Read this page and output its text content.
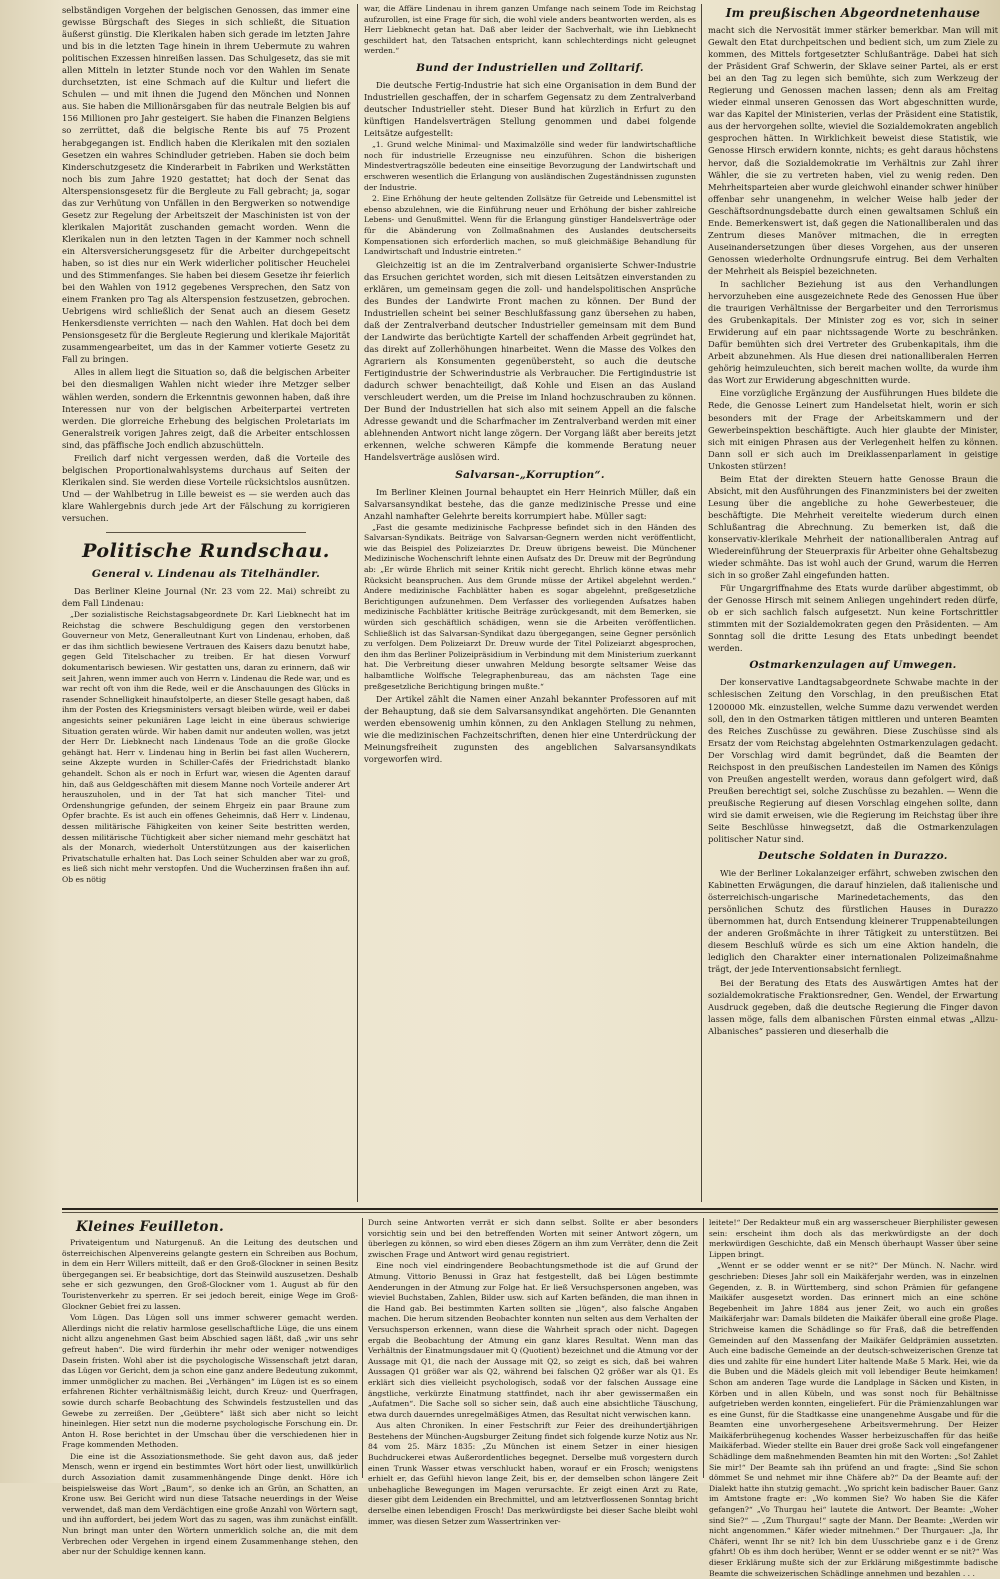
selbständigen Vorgehen der belgischen Genossen, das immer eine gewisse Bürgschaft des Sieges in sich schließt, die Situation äußerst günstig. Die Klerikalen haben sich gerade im letzten Jahre und bis in die letzten Tage hinein in ihrem Uebermute zu wahren politischen Exzessen hinreißen lassen. Das Schulgesetz, das sie mit allen Mitteln in letzter Stunde noch vor den Wahlen im Senate durchsetzten, ist eine Schmach auf die Kultur und liefert die Schulen — und mit ihnen die Jugend den Mönchen und Nonnen aus. Sie haben die Millionärsgaben für das neutrale Belgien bis auf 156 Millionen pro Jahr gesteigert. Sie haben die Finanzen Belgiens so zerrüttet, daß die belgische Rente bis auf 75 Prozent herabgegangen ist. Endlich haben die Klerikalen mit den sozialen Gesetzen ein wahres Schindluder getrieben. Haben sie doch beim Kinderschutzgesetz die Kinderarbeit in Fabriken und Werkstätten noch bis zum Jahre 1920 gestattet; hat doch der Senat das Alterspensionsgesetz für die Bergleute zu Fall gebracht; ja, sogar das zur Verhütung von Unfällen in den Bergwerken so notwendige Gesetz zur Regelung der Arbeitszeit der Maschinisten ist von der klerikalen Majorität zuschanden gemacht worden. Wenn die Klerikalen nun in den letzten Tagen in der Kammer noch schnell ein Altersversicherungsgesetz für die Arbeiter durchgepeitscht haben, so ist dies nur ein Werk widerlicher politischer Heuchelei und des Stimmenfanges. Sie haben bei diesem Gesetze ihr feierlich bei den Wahlen von 1912 gegebenes Versprechen, den Satz von einem Franken pro Tag als Alterspension festzusetzen, gebrochen. Uebrigens wird schließlich der Senat auch an diesem Gesetz Henkersdienste verrichten — nach den Wahlen. Hat doch bei dem Pensionsgesetz für die Bergleute Regierung und klerikale Majorität zusammengearbeitet, um das in der Kammer votierte Gesetz zu Fall zu bringen.

Alles in allem liegt die Situation so, daß die belgischen Arbeiter bei den diesmaligen Wahlen nicht wieder ihre Metzger selber wählen werden, sondern die Erkenntnis gewonnen haben, daß ihre Interessen nur von der belgischen Arbeiterpartei vertreten werden. Die glorreiche Erhebung des belgischen Proletariats im Generalstreik vorigen Jahres zeigt, daß die Arbeiter entschlossen sind, das pfäffische Joch endlich abzuschütteln.

Freilich darf nicht vergessen werden, daß die Vorteile des belgischen Proportionalwahlsystems durchaus auf Seiten der Klerikalen sind. Sie werden diese Vorteile rücksichtslos ausnützen. Und — der Wahlbetrug in Lille beweist es — sie werden auch das klare Wahlergebnis durch jede Art der Fälschung zu korrigieren versuchen.

Politische Rundschau.
General v. Lindenau als Titelhändler.

Das Berliner Kleine Journal (Nr. 23 vom 22. Mai) schreibt zu dem Fall Lindenau:

„Der sozialistische Reichstagsabgeordnete Dr. Karl Liebknecht hat im Reichstag die schwere Beschuldigung gegen den verstorbenen Gouverneur von Metz, Generalleutnant Kurt von Lindenau, erhoben, daß er das ihm sichtlich bewiesene Vertrauen des Kaisers dazu benutzt habe, gegen Geld Titelschacher zu treiben. Er hat diesen Vorwurf dokumentarisch bewiesen. Wir gestatten uns, daran zu erinnern, daß wir seit Jahren, wenn immer auch von Herrn v. Lindenau die Rede war, und es war recht oft von ihm die Rede, weil er die Anschauungen des Glücks in rasender Schnelligkeit hinaufstolperte, an dieser Stelle gesagt haben, daß ihm der Posten des Kriegsministers versagt bleiben würde, weil er dabei angesichts seiner pekuniären Lage leicht in eine überaus schwierige Situation geraten würde. Wir haben damit nur andeuten wollen, was jetzt der Herr Dr. Liebknecht nach Lindenaus Tode an die große Glocke gehängt hat. Herr v. Lindenau hing in Berlin bei fast allen Wucherern, seine Akzepte wurden in Schiller-Cafés der Friedrichstadt blanko gehandelt. Schon als er noch in Erfurt war, wiesen die Agenten darauf hin, daß aus Geldgeschäften mit diesem Manne noch Vorteile anderer Art herauszuholen, und in der Tat hat sich mancher Titel- und Ordenshungrige gefunden, der seinem Ehrgeiz ein paar Braune zum Opfer brachte. Es ist auch ein offenes Geheimnis, daß Herr v. Lindenau, dessen militärische Fähigkeiten von keiner Seite bestritten werden, dessen militärische Tüchtigkeit aber sicher niemand mehr geschätzt hat als der Monarch, wiederholt Unterstützungen aus der kaiserlichen Privatschatulle erhalten hat. Das Loch seiner Schulden aber war zu groß, es ließ sich nicht mehr verstopfen. Und die Wucherzinsen fraßen ihn auf. Ob es nötig

war, die Affäre Lindenau in ihrem ganzen Umfange nach seinem Tode im Reichstag aufzurollen, ist eine Frage für sich, die wohl viele anders beantworten werden, als es Herr Liebknecht getan hat. Daß aber leider der Sachverhalt, wie ihn Liebknecht geschildert hat, den Tatsachen entspricht, kann schlechterdings nicht geleugnet werden.“

Bund der Industriellen und Zolltarif.

Die deutsche Fertig-Industrie hat sich eine Organisation in dem Bund der Industriellen geschaffen, der in scharfem Gegensatz zu dem Zentralverband deutscher Industrieller steht. Dieser Bund hat kürzlich in Erfurt zu den künftigen Handelsverträgen Stellung genommen und dabei folgende Leitsätze aufgestellt:

„1. Grund welche Minimal- und Maximalzölle sind weder für landwirtschaftliche noch für industrielle Erzeugnisse neu einzuführen. Schon die bisherigen Mindestvertragszölle bedeuten eine einseitige Bevorzugung der Landwirtschaft und erschweren wesentlich die Erlangung von ausländischen Zugeständnissen zugunsten der Industrie.

2. Eine Erhöhung der heute geltenden Zollsätze für Getreide und Lebensmittel ist ebenso abzulehnen, wie die Einführung neuer und Erhöhung der bisher zahlreiche Lebens- und Genußmittel. Wenn für die Erlangung günstiger Handelsverträge oder für die Abänderung von Zollmaßnahmen des Auslandes deutscherseits Kompensationen sich erforderlich machen, so muß gleichmäßige Behandlung für Landwirtschaft und Industrie eintreten.“

Gleichzeitig ist an die im Zentralverband organisierte Schwer-Industrie das Ersuchen gerichtet worden, sich mit diesen Leitsätzen einverstanden zu erklären, um gemeinsam gegen die zoll- und handelspolitischen Ansprüche des Bundes der Landwirte Front machen zu können. Der Bund der Industriellen scheint bei seiner Beschlußfassung ganz übersehen zu haben, daß der Zentralverband deutscher Industrieller gemeinsam mit dem Bund der Landwirte das berüchtigte Kartell der schaffenden Arbeit gegründet hat, das direkt auf Zollerhöhungen hinarbeitet. Wenn die Masse des Volkes den Agrariern als Konsumenten gegenübersteht, so auch die deutsche Fertigindustrie der Schwerindustrie als Verbraucher. Die Fertigindustrie ist dadurch schwer benachteiligt, daß Kohle und Eisen an das Ausland verschleudert werden, um die Preise im Inland hochzuschrauben zu können. Der Bund der Industriellen hat sich also mit seinem Appell an die falsche Adresse gewandt und die Scharfmacher im Zentralverband werden mit einer ablehnenden Antwort nicht lange zögern. Der Vorgang läßt aber bereits jetzt erkennen, welche schweren Kämpfe die kommende Beratung neuer Handelsverträge auslösen wird.

Salvarsan-„Korruption“.

Im Berliner Kleinen Journal behauptet ein Herr Heinrich Müller, daß ein Salvarsansyndikat bestehe, das die ganze medizinische Presse und eine Anzahl namhafter Gelehrte bereits korrumpiert habe. Müller sagt:

„Fast die gesamte medizinische Fachpresse befindet sich in den Händen des Salvarsan-Syndikats. Beiträge von Salvarsan-Gegnern werden nicht veröffentlicht, wie das Beispiel des Polizeiarztes Dr. Dreuw übrigens beweist. Die Münchener Medizinische Wochenschrift lehnte einen Aufsatz des Dr. Dreuw mit der Begründung ab: „Er würde Ehrlich mit seiner Kritik nicht gerecht. Ehrlich könne etwas mehr Rücksicht beanspruchen. Aus dem Grunde müsse der Artikel abgelehnt werden.“ Andere medizinische Fachblätter haben es sogar abgelehnt, preßgesetzliche Berichtigungen aufzunehmen. Dem Verfasser des vorliegenden Aufsatzes haben medizinische Fachblätter kritische Beiträge zurückgesandt, mit dem Bemerken, sie würden sich geschäftlich schädigen, wenn sie die Arbeiten veröffentlichen. Schließlich ist das Salvarsan-Syndikat dazu übergegangen, seine Gegner persönlich zu verfolgen. Dem Polizeiarzt Dr. Dreuw wurde der Titel Polizeiarzt abgesprochen, den ihm das Berliner Polizeipräsidium in Verbindung mit dem Ministerium zuerkannt hat. Die Verbreitung dieser unwahren Meldung besorgte seltsamer Weise das halbamtliche Wolffsche Telegraphenbureau, das am nächsten Tage eine preßgesetzliche Berichtigung bringen mußte.“

Der Artikel zählt die Namen einer Anzahl bekannter Professoren auf mit der Behauptung, daß sie dem Salvarsansyndikat angehörten. Die Genannten werden ebensowenig umhin können, zu den Anklagen Stellung zu nehmen, wie die medizinischen Fachzeitschriften, denen hier eine Unterdrückung der Meinungsfreiheit zugunsten des angeblichen Salvarsansyndikats vorgeworfen wird.

Im preußischen Abgeordnetenhause

macht sich die Nervosität immer stärker bemerkbar. Man will mit Gewalt den Etat durchpeitschen und bedient sich, um zum Ziele zu kommen, des Mittels fortgesetzter Schlußanträge. Dabei hat sich der Präsident Graf Schwerin, der Sklave seiner Partei, als er erst bei an den Tag zu legen sich bemühte, sich zum Werkzeug der Regierung und Genossen machen lassen; denn als am Freitag wieder einmal unseren Genossen das Wort abgeschnitten wurde, war das Kapitel der Ministerien, verlas der Präsident eine Statistik, aus der hervorgehen sollte, wieviel die Sozialdemokraten angeblich gesprochen hätten. In Wirklichkeit beweist diese Statistik, wie Genosse Hirsch erwidern konnte, nichts; es geht daraus höchstens hervor, daß die Sozialdemokratie im Verhältnis zur Zahl ihrer Wähler, die sie zu vertreten haben, viel zu wenig reden. Den Mehrheitsparteien aber wurde gleichwohl einander schwer hinüber offenbar sehr unangenehm, in welcher Weise halb jeder der Geschäftsordnungsdebatte durch einen gewaltsamen Schluß ein Ende. Bemerkenswert ist, daß gegen die Nationalliberalen und das Zentrum dieses Manöver mitmachen, die in erregten Auseinandersetzungen über dieses Vorgehen, aus der unseren Genossen wiederholte Ordnungsrufe eintrug. Bei dem Verhalten der Mehrheit als Beispiel bezeichneten.

In sachlicher Beziehung ist aus den Verhandlungen hervorzuheben eine ausgezeichnete Rede des Genossen Hue über die traurigen Verhältnisse der Bergarbeiter und den Terrorismus des Grubenkapitals. Der Minister zog es vor, sich in seiner Erwiderung auf ein paar nichtssagende Worte zu beschränken. Dafür bemühten sich drei Vertreter des Grubenkapitals, ihm die Arbeit abzunehmen. Als Hue diesen drei nationalliberalen Herren gehörig heimzuleuchten, sich bereit machen wollte, da wurde ihm das Wort zur Erwiderung abgeschnitten wurde.

Eine vorzügliche Ergänzung der Ausführungen Hues bildete die Rede, die Genosse Leinert zum Handelsetat hielt, worin er sich besonders mit der Frage der Arbeitskammern und der Gewerbeinspektion beschäftigte. Auch hier glaubte der Minister, sich mit einigen Phrasen aus der Verlegenheit helfen zu können. Dann soll er sich auch im Dreiklassenparlament in geistige Unkosten stürzen!

Beim Etat der direkten Steuern hatte Genosse Braun die Absicht, mit den Ausführungen des Finanzministers bei der zweiten Lesung über die angebliche zu hohe Gewerbesteuer, die beschäftigte. Die Mehrheit vereitelte wiederum durch einen Schlußantrag die Abrechnung. Zu bemerken ist, daß die konservativ-klerikale Mehrheit der nationalliberalen Antrag auf Wiedereinführung der Steuerpraxis für Arbeiter ohne Gehaltsbezug wieder schmähte. Das ist wohl auch der Grund, warum die Herren sich in so großer Zahl eingefunden hatten.

Für Ungargriffnahme des Etats wurde darüber abgestimmt, ob der Genosse Hirsch mit seinem Anliegen ungehindert reden dürfe, ob er sich sachlich falsch aufgesetzt. Nun keine Fortschrittler stimmten mit der Sozialdemokraten gegen den Präsidenten. — Am Sonntag soll die dritte Lesung des Etats unbedingt beendet werden.

Ostmarkenzulagen auf Umwegen.

Der konservative Landtagsabgeordnete Schwabe machte in der schlesischen Zeitung den Vorschlag, in den preußischen Etat 1200000 Mk. einzustellen, welche Summe dazu verwendet werden soll, den in den Ostmarken tätigen mittleren und unteren Beamten des Reiches Zuschüsse zu gewähren. Diese Zuschüsse sind als Ersatz der vom Reichstag abgelehnten Ostmarkenzulagen gedacht. Der Vorschlag wird damit begründet, daß die Beamten der Reichspost in den preußischen Landesteilen im Namen des Königs von Preußen angestellt werden, woraus dann gefolgert wird, daß Preußen berechtigt sei, solche Zuschüsse zu bezahlen. — Wenn die preußische Regierung auf diesen Vorschlag eingehen sollte, dann wird sie damit erweisen, wie die Regierung im Reichstag über ihre Seite Beschlüsse hinwegsetzt, daß die Ostmarkenzulagen politischer Natur sind.

Deutsche Soldaten in Durazzo.

Wie der Berliner Lokalanzeiger erfährt, schweben zwischen den Kabinetten Erwägungen, die darauf hinzielen, daß italienische und österreichisch-ungarische Marinedetachements, das den persönlichen Schutz des fürstlichen Hauses in Durazzo übernommen hat, durch Entsendung kleinerer Truppenabteilungen der anderen Großmächte in ihrer Tätigkeit zu unterstützen. Bei diesem Beschluß würde es sich um eine Aktion handeln, die lediglich den Charakter einer internationalen Polizeimaßnahme trägt, der jede Interventionsabsicht fernliegt.

Bei der Beratung des Etats des Auswärtigen Amtes hat der sozialdemokratische Fraktionsredner, Gen. Wendel, der Erwartung Ausdruck gegeben, daß die deutsche Regierung die Finger davon lassen möge, falls dem albanischen Fürsten einmal etwas „Allzu-Albanisches“ passieren und dieserhalb die

Kleines Feuilleton.

Privateigentum und Naturgenuß. An die Leitung des deutschen und österreichischen Alpenvereins gelangte gestern ein Schreiben aus Bochum, in dem ein Herr Willers mitteilt, daß er den Groß-Glockner in seinen Besitz übergegangen sei. Er beabsichtige, dort das Steinwild auszusetzen. Deshalb sehe er sich gezwungen, den Groß-Glockner vom 1. August ab für den Touristenverkehr zu sperren. Er sei jedoch bereit, einige Wege im Groß-Glockner Gebiet frei zu lassen.

Vom Lügen. Das Lügen soll uns immer schwerer gemacht werden. Allerdings nicht die relativ harmlose gesellschaftliche Lüge, die uns einem nicht allzu angenehmen Gast beim Abschied sagen läßt, daß „wir uns sehr gefreut haben“. Die wird fürderhin ihr mehr oder weniger notwendiges Dasein fristen. Wohl aber ist die psychologische Wissenschaft jetzt daran, das Lügen vor Gericht, dem ja schon eine ganz andere Bedeutung zukommt, immer unmöglicher zu machen. Bei „Verhängen“ im Lügen ist es so einem erfahrenen Richter verhältnismäßig leicht, durch Kreuz- und Querfragen, sowie durch scharfe Beobachtung des Schwindels festzustellen und das Gewebe zu zerreißen. Der „Geübtere“ läßt sich aber nicht so leicht hineinlegen. Hier setzt nun die moderne psychologische Forschung ein. Dr. Anton H. Rose berichtet in der Umschau über die verschiedenen hier in Frage kommenden Methoden.

Die eine ist die Assoziationsmethode. Sie geht davon aus, daß jeder Mensch, wenn er irgend ein bestimmtes Wort hört oder liest, unwillkürlich durch Assoziation damit zusammenhängende Dinge denkt. Höre ich beispielsweise das Wort „Baum“, so denke ich an Grün, an Schatten, an Krone usw. Bei Gericht wird nun diese Tatsache neuerdings in der Weise verwendet, daß man dem Verdächtigen eine große Anzahl von Wörtern sagt, und ihn auffordert, bei jedem Wort das zu sagen, was ihm zunächst einfällt. Nun bringt man unter den Wörtern unmerklich solche an, die mit dem Verbrechen oder Vergehen in irgend einem Zusammenhange stehen, den aber nur der Schuldige kennen kann.

Durch seine Antworten verrät er sich dann selbst. Sollte er aber besonders vorsichtig sein und bei den betreffenden Worten mit seiner Antwort zögern, um überlegen zu können, so wird eben dieses Zögern an ihm zum Verräter, denn die Zeit zwischen Frage und Antwort wird genau registriert.

Eine noch viel eindringendere Beobachtungsmethode ist die auf Grund der Atmung. Vittorio Benussi in Graz hat festgestellt, daß bei Lügen bestimmte Aenderungen in der Atmung zur Folge hat. Er ließ Versuchspersonen angeben, was wieviel Buchstaben, Zahlen, Bilder usw. sich auf Karten befänden, die man ihnen in die Hand gab. Bei bestimmten Karten sollten sie „lügen“, also falsche Angaben machen. Die herum sitzenden Beobachter konnten nun selten aus dem Verhalten der Versuchsperson erkennen, wann diese die Wahrheit sprach oder nicht. Dagegen ergab die Beobachtung der Atmung ein ganz klares Resultat. Wenn man das Verhältnis der Einatmungsdauer mit Q (Quotient) bezeichnet und die Atmung vor der Aussage mit Q1, die nach der Aussage mit Q2, so zeigt es sich, daß bei wahren Aussagen Q1 größer war als Q2, während bei falschen Q2 größer war als Q1. Es erklärt sich dies vielleicht psychologisch, sodaß vor der falschen Aussage eine ängstliche, verkürzte Einatmung stattfindet, nach ihr aber gewissermaßen ein „Aufatmen“. Die Sache soll so sicher sein, daß auch eine absichtliche Täuschung, etwa durch dauerndes unregelmäßiges Atmen, das Resultat nicht verwischen kann.

Aus alten Chroniken. In einer Festschrift zur Feier des dreihundertjährigen Bestehens der München-Augsburger Zeitung findet sich folgende kurze Notiz aus Nr. 84 vom 25. März 1835: „Zu München ist einem Setzer in einer hiesigen Buchdruckerei etwas Außerordentliches begegnet. Derselbe muß vorgestern durch einen Trunk Wasser etwas verschluckt haben, worauf er ein Frosch; wenigstens erhielt er, das Gefühl hievon lange Zeit, bis er, der demselben schon längere Zeit unbehagliche Bewegungen im Magen verursachte. Er zeigt einen Arzt zu Rate, dieser gibt dem Leidenden ein Brechmittel, und am letztverflossenen Sonntag bricht derselbe einen lebendigen Frosch! Das merkwürdigste bei dieser Sache bleibt wohl immer, was diesen Setzer zum Wassertrinken ver-

leitete!“ Der Redakteur muß ein arg wasserscheuer Bierphilister gewesen sein: erscheint ihm doch als das merkwürdigste an der doch merkwürdigen Geschichte, daß ein Mensch überhaupt Wasser über seine Lippen bringt.

„Wennt er se odder wennt er se nit?“ Der Münch. N. Nachr. wird geschrieben: Dieses Jahr soll ein Maikäferjahr werden, was in einzelnen Gegenden, z. B. in Württemberg, sind schon Prämien für gefangene Maikäfer ausgesetzt worden. Das erinnert mich an eine schöne Begebenheit im Jahre 1884 aus jener Zeit, wo auch ein großes Maikäferjahr war: Damals bildeten die Maikäfer überall eine große Plage. Strichweise kamen die Schädlinge so für Fraß, daß die betreffenden Gemeinden auf den Massenfang der Maikäfer Geldprämien aussetzten. Auch eine badische Gemeinde an der deutsch-schweizerischen Grenze tat dies und zahlte für eine hundert Liter haltende Maße 5 Mark. Hei, wie da die Buben und die Mädels gleich mit voll lebendiger Beute heimkamen! Schon am anderen Tage wurde die Landplage in Säcken und Kisten, in Körben und in allen Kübeln, und was sonst noch für Behältnisse aufgetrieben werden konnten, eingeliefert. Für die Prämienzahlungen war es eine Gunst, für die Stadtkasse eine unangenehme Ausgabe und für die Beamten eine unvorhergesehene Arbeitsvermehrung. Der Heizer Maikäferbrühegenug kochendes Wasser herbeizuschaffen für das heiße Maikäferbad. Wieder stellte ein Bauer drei große Sack voll eingefangener Schädlinge dem maßnehmenden Beamten hin mit den Worten: „So! Zahlet Sie mir!“ Der Beamte sah ihn prüfend an und fragte: „Sind Sie schon dömmet Se und nehmet mir ihne Chäfere ab?“ Da der Beamte auf: der Dialekt hatte ihn stutzig gemacht. „Wo spricht kein badischer Bauer. Ganz im Amtstone fragte er: „Wo kommen Sie? Wo haben Sie die Käfer gefangen?“ „Vo Thurgau hei“ lautete die Antwort. Der Beamte: „Woher sind Sie?“ — „Zum Thurgau!“ sagte der Mann. Der Beamte: „Werden wir nicht angenommen.“ Käfer wieder mitnehmen.“ Der Thurgauer: „Ja, Ihr Chäferi, wennt Ihr se nit? Ich bin dem Uusschriebe ganz e i de Grenz gfahrt! Ob es ihm doch herüber, Wennt er se odder wennt er se nit?“ Was dieser Erklärung mußte sich der zur Erklärung mißgestimmte badische Beamte die schweizerischen Schädlinge annehmen und bezahlen . . .
